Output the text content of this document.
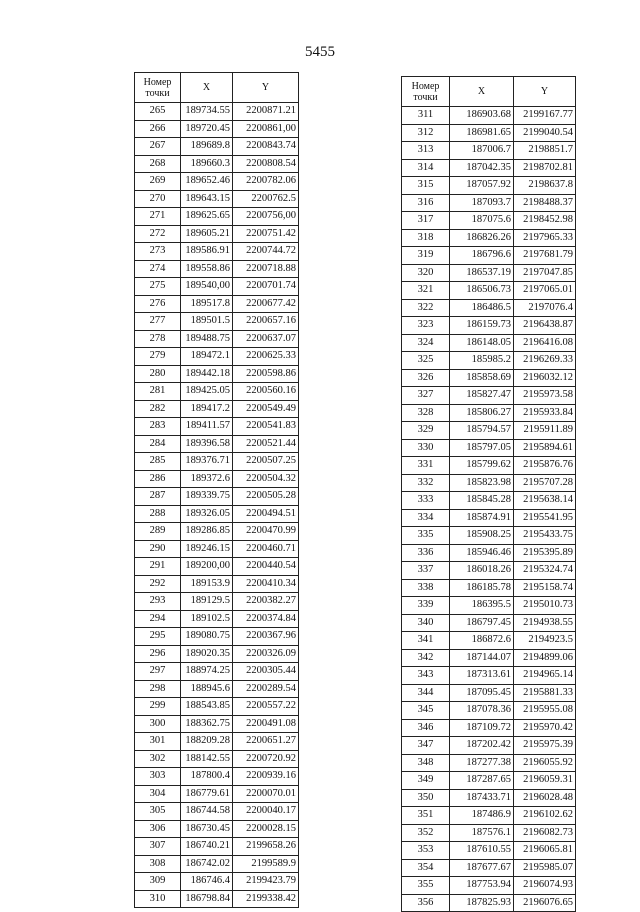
5455
Номер
точки	X	Y
265	189734.55	2200871.21
266	189720.45	2200861,00
267	189689.8	2200843.74
268	189660.3	2200808.54
269	189652.46	2200782.06
270	189643.15	2200762.5
271	189625.65	2200756,00
272	189605.21	2200751.42
273	189586.91	2200744.72
274	189558.86	2200718.88
275	189540,00	2200701.74
276	189517.8	2200677.42
277	189501.5	2200657.16
278	189488.75	2200637.07
279	189472.1	2200625.33
280	189442.18	2200598.86
281	189425.05	2200560.16
282	189417.2	2200549.49
283	189411.57	2200541.83
284	189396.58	2200521.44
285	189376.71	2200507.25
286	189372.6	2200504.32
287	189339.75	2200505.28
288	189326.05	2200494.51
289	189286.85	2200470.99
290	189246.15	2200460.71
291	189200,00	2200440.54
292	189153.9	2200410.34
293	189129.5	2200382.27
294	189102.5	2200374.84
295	189080.75	2200367.96
296	189020.35	2200326.09
297	188974.25	2200305.44
298	188945.6	2200289.54
299	188543.85	2200557.22
300	188362.75	2200491.08
301	188209.28	2200651.27
302	188142.55	2200720.92
303	187800.4	2200939.16
304	186779.61	2200070.01
305	186744.58	2200040.17
306	186730.45	2200028.15
307	186740.21	2199658.26
308	186742.02	2199589.9
309	186746.4	2199423.79
310	186798.84	2199338.42
Номер
точки	X	Y
311	186903.68	2199167.77
312	186981.65	2199040.54
313	187006.7	2198851.7
314	187042.35	2198702.81
315	187057.92	2198637.8
316	187093.7	2198488.37
317	187075.6	2198452.98
318	186826.26	2197965.33
319	186796.6	2197681.79
320	186537.19	2197047.85
321	186506.73	2197065.01
322	186486.5	2197076.4
323	186159.73	2196438.87
324	186148.05	2196416.08
325	185985.2	2196269.33
326	185858.69	2196032.12
327	185827.47	2195973.58
328	185806.27	2195933.84
329	185794.57	2195911.89
330	185797.05	2195894.61
331	185799.62	2195876.76
332	185823.98	2195707.28
333	185845.28	2195638.14
334	185874.91	2195541.95
335	185908.25	2195433.75
336	185946.46	2195395.89
337	186018.26	2195324.74
338	186185.78	2195158.74
339	186395.5	2195010.73
340	186797.45	2194938.55
341	186872.6	2194923.5
342	187144.07	2194899.06
343	187313.61	2194965.14
344	187095.45	2195881.33
345	187078.36	2195955.08
346	187109.72	2195970.42
347	187202.42	2195975.39
348	187277.38	2196055.92
349	187287.65	2196059.31
350	187433.71	2196028.48
351	187486.9	2196102.62
352	187576.1	2196082.73
353	187610.55	2196065.81
354	187677.67	2195985.07
355	187753.94	2196074.93
356	187825.93	2196076.65
